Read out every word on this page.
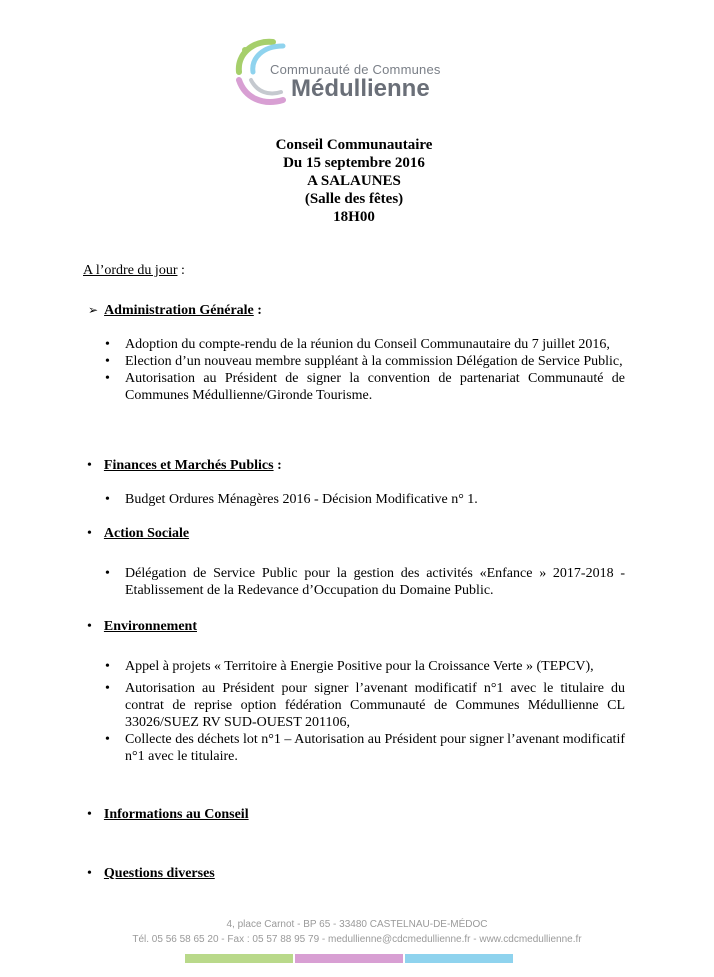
Communauté de Communes
Médullienne
Conseil Communautaire
Du 15 septembre 2016
A SALAUNES
(Salle des fêtes)
18H00
A l’ordre du jour :
➢ Administration Générale :
• Adoption du compte-rendu de la réunion du Conseil Communautaire du 7 juillet 2016,
• Election d’un nouveau membre suppléant à la commission Délégation de Service Public,
• Autorisation au Président de signer la convention de partenariat Communauté de Communes Médullienne/Gironde Tourisme.
• Finances et Marchés Publics :
• Budget Ordures Ménagères 2016 - Décision Modificative n° 1.
• Action Sociale
• Délégation de Service Public pour la gestion des activités «Enfance » 2017-2018 - Etablissement de la Redevance d’Occupation du Domaine Public.
• Environnement
• Appel à projets « Territoire à Energie Positive pour la Croissance Verte » (TEPCV),
• Autorisation au Président pour signer l’avenant modificatif n°1 avec le titulaire du contrat de reprise option fédération Communauté de Communes Médullienne CL 33026/SUEZ RV SUD-OUEST 201106,
• Collecte des déchets lot n°1 – Autorisation au Président pour signer l’avenant modificatif n°1 avec le titulaire.
• Informations au Conseil
• Questions diverses
4, place Carnot - BP 65 - 33480 CASTELNAU-DE-MÉDOC
Tél. 05 56 58 65 20 - Fax : 05 57 88 95 79 - medullienne@cdcmedullienne.fr - www.cdcmedullienne.fr
